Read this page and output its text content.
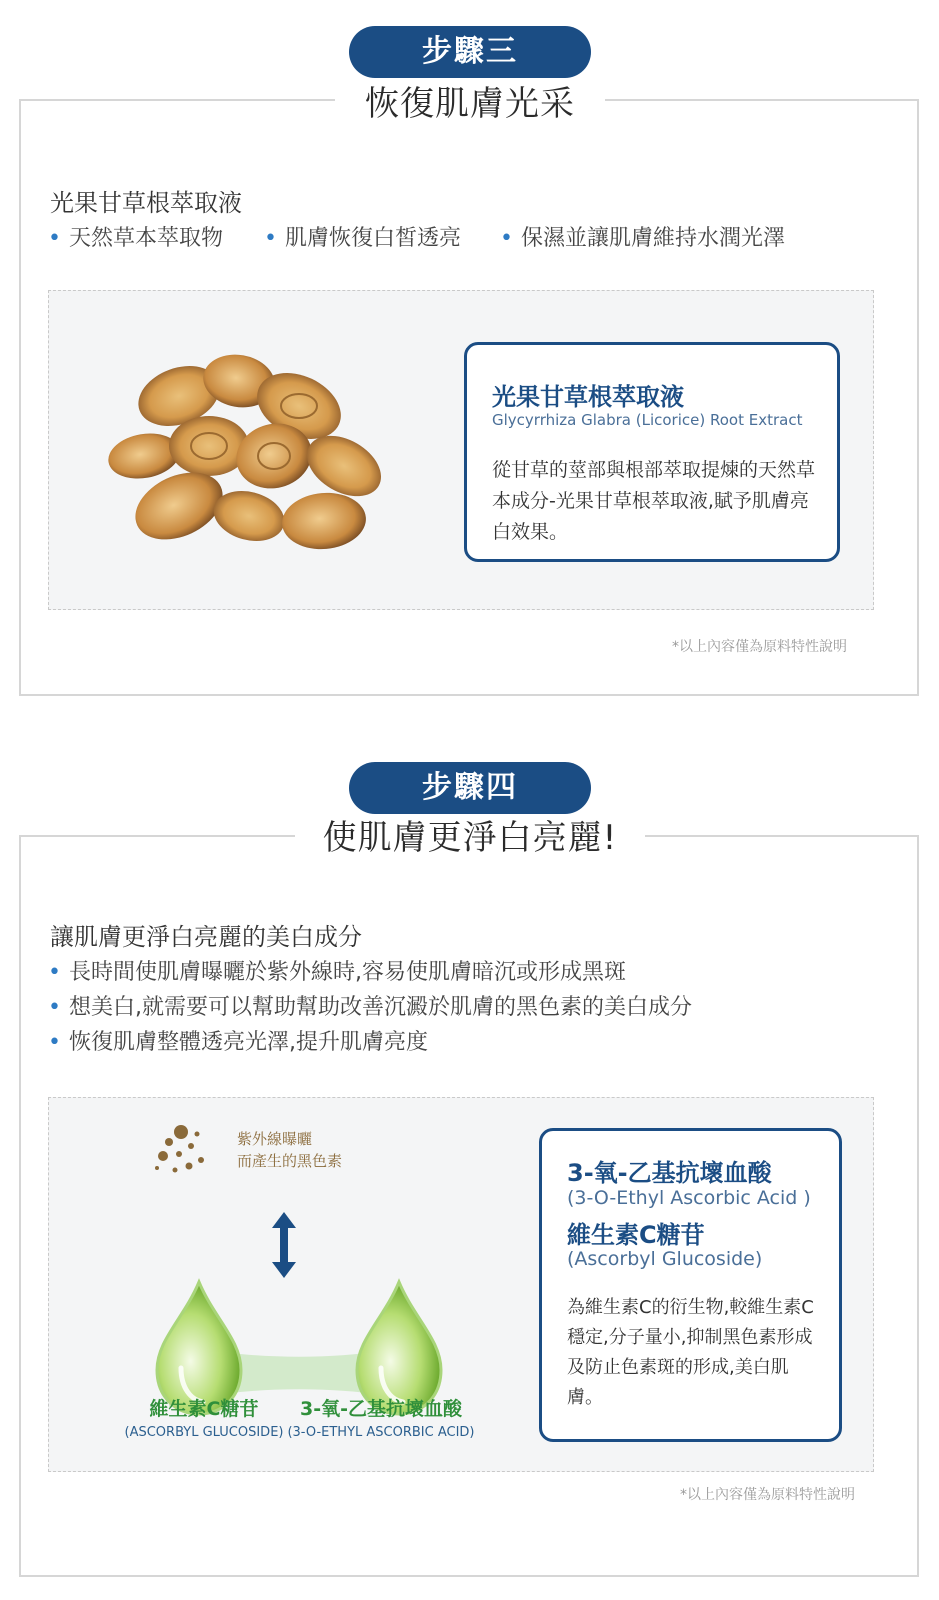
步驟三
恢復肌膚光采
光果甘草根萃取液
• 天然草本萃取物 • 肌膚恢復白皙透亮 • 保濕並讓肌膚維持水潤光澤
光果甘草根萃取液
Glycyrrhiza Glabra (Licorice) Root Extract
從甘草的莖部與根部萃取提煉的天然草本成分-光果甘草根萃取液,賦予肌膚亮白效果。
*以上內容僅為原料特性說明
步驟四
使肌膚更淨白亮麗!
讓肌膚更淨白亮麗的美白成分
• 長時間使肌膚曝曬於紫外線時,容易使肌膚暗沉或形成黑斑
• 想美白,就需要可以幫助幫助改善沉澱於肌膚的黑色素的美白成分
• 恢復肌膚整體透亮光澤,提升肌膚亮度
紫外線曝曬
而產生的黑色素
維生素C糖苷
(ASCORBYL GLUCOSIDE)
3-氧-乙基抗壞血酸
(3-O-ETHYL ASCORBIC ACID)
3-氧-乙基抗壞血酸
(3-O-Ethyl Ascorbic Acid )
維生素C糖苷
(Ascorbyl Glucoside)
為維生素C的衍生物,較維生素C穩定,分子量小,抑制黑色素形成及防止色素斑的形成,美白肌膚。
*以上內容僅為原料特性說明
